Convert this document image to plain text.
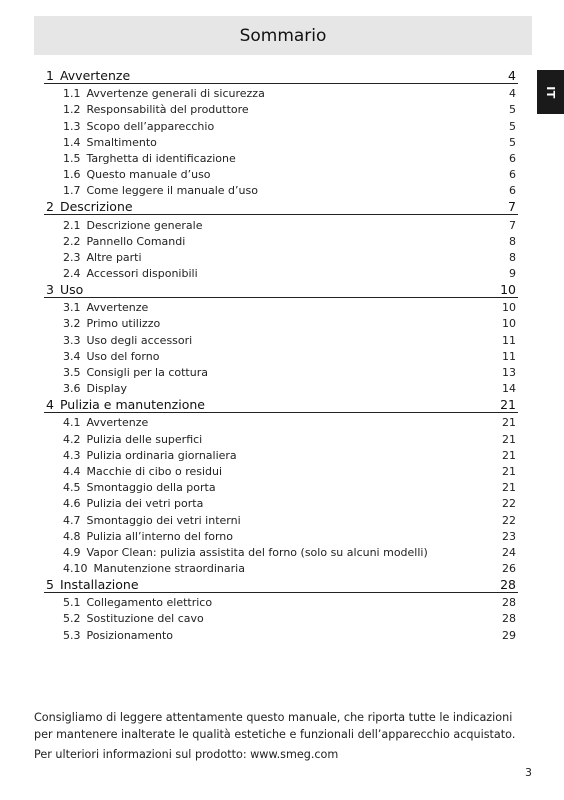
Sommario
IT
1 Avvertenze	4
1.1 Avvertenze generali di sicurezza	4
1.2 Responsabilità del produttore	5
1.3 Scopo dell’apparecchio	5
1.4 Smaltimento	5
1.5 Targhetta di identificazione	6
1.6 Questo manuale d’uso	6
1.7 Come leggere il manuale d’uso	6
2 Descrizione	7
2.1 Descrizione generale	7
2.2 Pannello Comandi	8
2.3 Altre parti	8
2.4 Accessori disponibili	9
3 Uso	10
3.1 Avvertenze	10
3.2 Primo utilizzo	10
3.3 Uso degli accessori	11
3.4 Uso del forno	11
3.5 Consigli per la cottura	13
3.6 Display	14
4 Pulizia e manutenzione	21
4.1 Avvertenze	21
4.2 Pulizia delle superfici	21
4.3 Pulizia ordinaria giornaliera	21
4.4 Macchie di cibo o residui	21
4.5 Smontaggio della porta	21
4.6 Pulizia dei vetri porta	22
4.7 Smontaggio dei vetri interni	22
4.8 Pulizia all’interno del forno	23
4.9 Vapor Clean: pulizia assistita del forno (solo su alcuni modelli)	24
4.10 Manutenzione straordinaria	26
5 Installazione	28
5.1 Collegamento elettrico	28
5.2 Sostituzione del cavo	28
5.3 Posizionamento	29

Consigliamo di leggere attentamente questo manuale, che riporta tutte le indicazioni per mantenere inalterate le qualità estetiche e funzionali dell’apparecchio acquistato.

Per ulteriori informazioni sul prodotto: www.smeg.com

3
